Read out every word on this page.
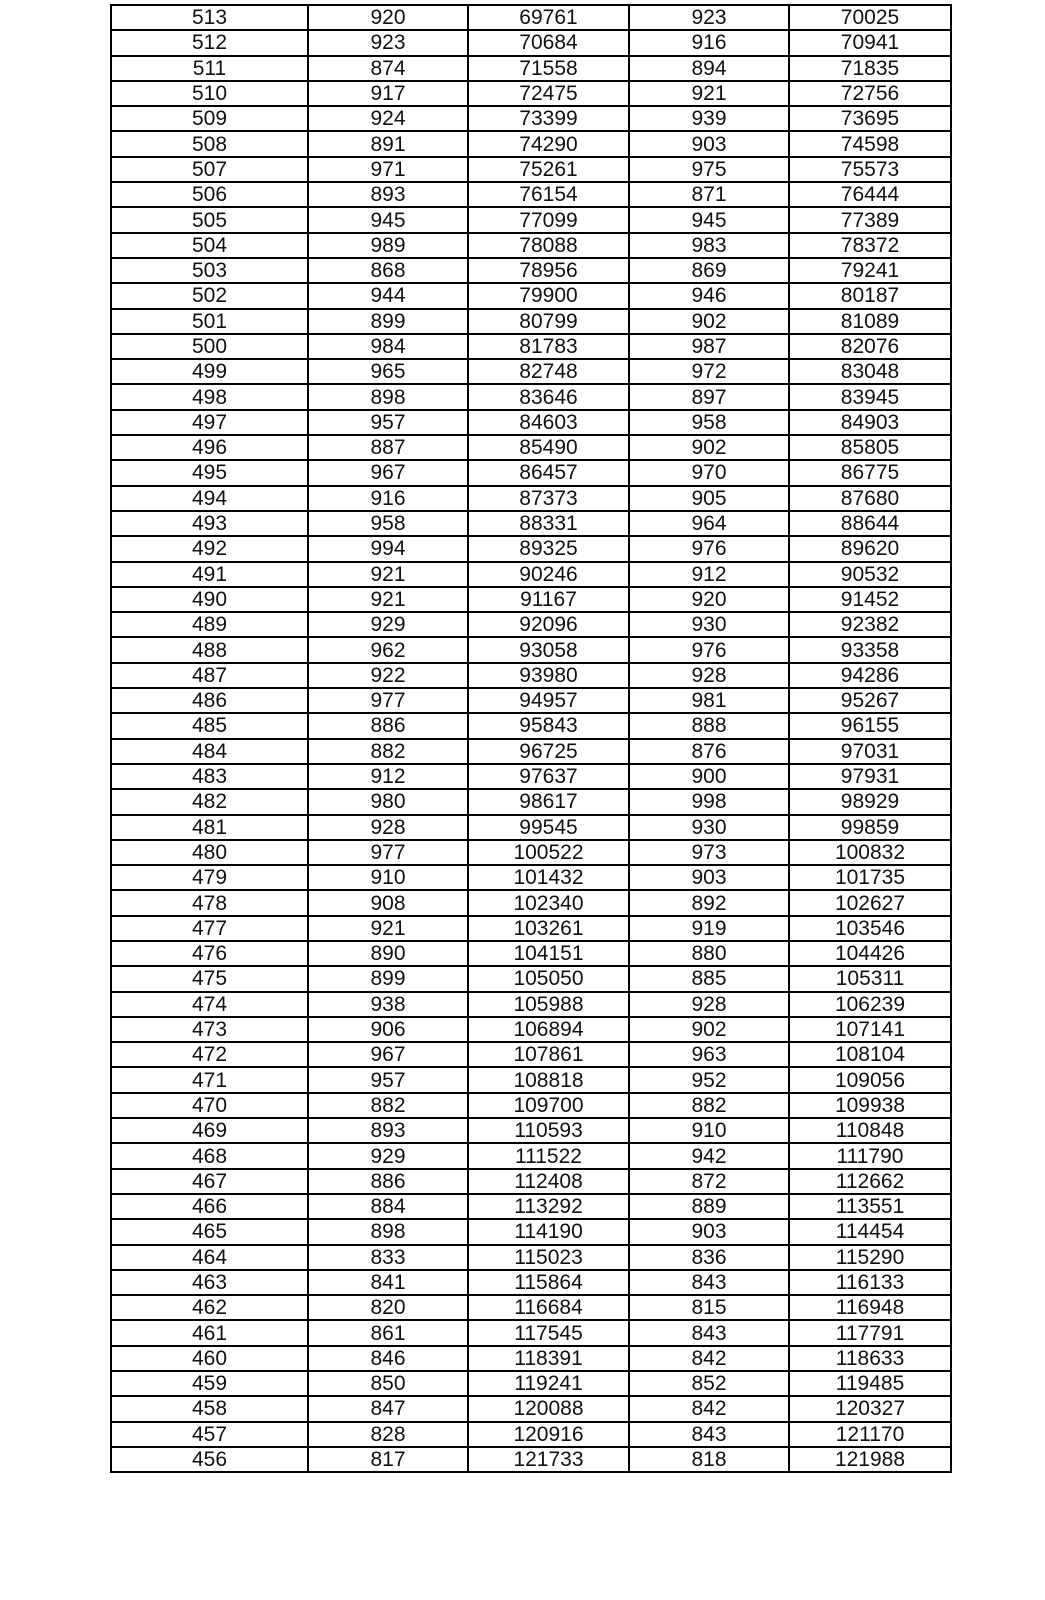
513	920	69761	923	70025
512	923	70684	916	70941
511	874	71558	894	71835
510	917	72475	921	72756
509	924	73399	939	73695
508	891	74290	903	74598
507	971	75261	975	75573
506	893	76154	871	76444
505	945	77099	945	77389
504	989	78088	983	78372
503	868	78956	869	79241
502	944	79900	946	80187
501	899	80799	902	81089
500	984	81783	987	82076
499	965	82748	972	83048
498	898	83646	897	83945
497	957	84603	958	84903
496	887	85490	902	85805
495	967	86457	970	86775
494	916	87373	905	87680
493	958	88331	964	88644
492	994	89325	976	89620
491	921	90246	912	90532
490	921	91167	920	91452
489	929	92096	930	92382
488	962	93058	976	93358
487	922	93980	928	94286
486	977	94957	981	95267
485	886	95843	888	96155
484	882	96725	876	97031
483	912	97637	900	97931
482	980	98617	998	98929
481	928	99545	930	99859
480	977	100522	973	100832
479	910	101432	903	101735
478	908	102340	892	102627
477	921	103261	919	103546
476	890	104151	880	104426
475	899	105050	885	105311
474	938	105988	928	106239
473	906	106894	902	107141
472	967	107861	963	108104
471	957	108818	952	109056
470	882	109700	882	109938
469	893	110593	910	110848
468	929	111522	942	111790
467	886	112408	872	112662
466	884	113292	889	113551
465	898	114190	903	114454
464	833	115023	836	115290
463	841	115864	843	116133
462	820	116684	815	116948
461	861	117545	843	117791
460	846	118391	842	118633
459	850	119241	852	119485
458	847	120088	842	120327
457	828	120916	843	121170
456	817	121733	818	121988
